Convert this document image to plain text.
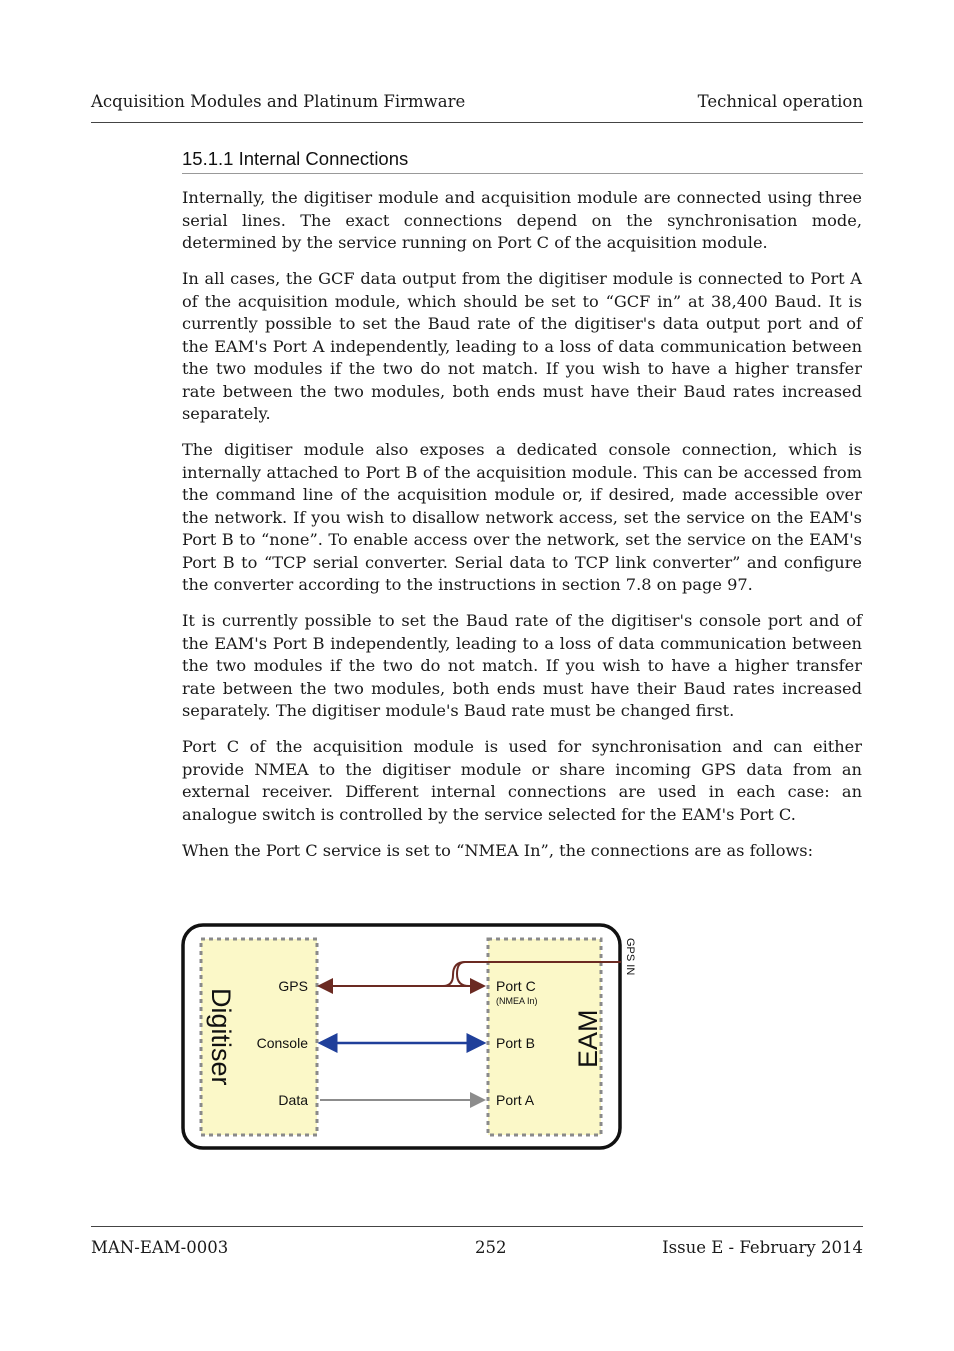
Acquisition Modules and Platinum Firmware	Technical operation
15.1.1 Internal Connections

Internally, the digitiser module and acquisition module are connected using three serial lines. The exact connections depend on the synchronisation mode, determined by the service running on Port C of the acquisition module.

In all cases, the GCF data output from the digitiser module is connected to Port A of the acquisition module, which should be set to “GCF in” at 38,400 Baud. It is currently possible to set the Baud rate of the digitiser's data output port and of the EAM's Port A independently, leading to a loss of data communication between the two modules if the two do not match. If you wish to have a higher transfer rate between the two modules, both ends must have their Baud rates increased separately.

The digitiser module also exposes a dedicated console connection, which is internally attached to Port B of the acquisition module. This can be accessed from the command line of the acquisition module or, if desired, made accessible over the network. If you wish to disallow network access, set the service on the EAM's Port B to “none”. To enable access over the network, set the service on the EAM's Port B to “TCP serial converter. Serial data to TCP link converter” and configure the converter according to the instructions in section 7.8 on page 97.

It is currently possible to set the Baud rate of the digitiser's console port and of the EAM's Port B independently, leading to a loss of data communication between the two modules if the two do not match. If you wish to have a higher transfer rate between the two modules, both ends must have their Baud rates increased separately. The digitiser module's Baud rate must be changed first.

Port C of the acquisition module is used for synchronisation and can either provide NMEA to the digitiser module or share incoming GPS data from an external receiver. Different internal connections are used in each case: an analogue switch is controlled by the service selected for the EAM's Port C.

When the Port C service is set to “NMEA In”, the connections are as follows:

Digitiser	EAM
GPS IN
GPS
Console
Data
Port C
(NMEA In)
Port B
Port A
MAN-EAM-0003	252	Issue E - February 2014
